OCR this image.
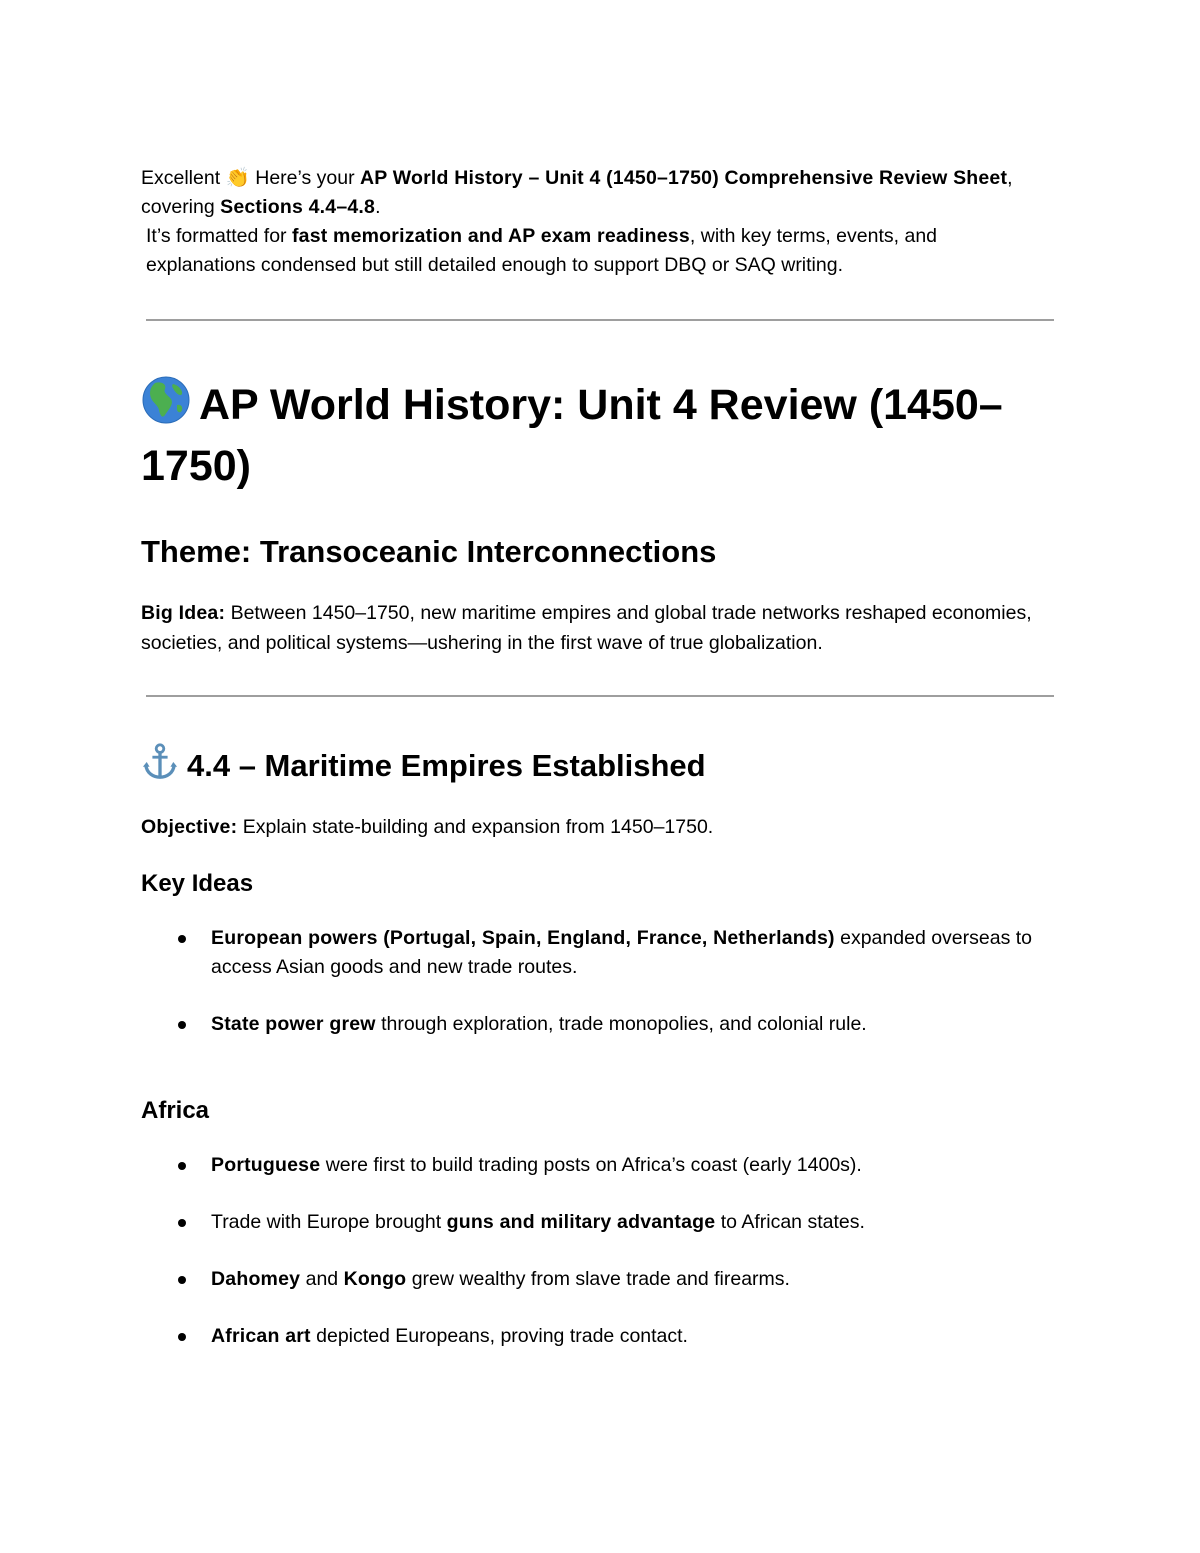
Excellent 👏 Here’s your AP World History – Unit 4 (1450–1750) Comprehensive Review Sheet, covering Sections 4.4–4.8.

It’s formatted for fast memorization and AP exam readiness, with key terms, events, and explanations condensed but still detailed enough to support DBQ or SAQ writing.

AP World History: Unit 4 Review (1450–1750)
Theme: Transoceanic Interconnections

Big Idea: Between 1450–1750, new maritime empires and global trade networks reshaped economies, societies, and political systems—ushering in the first wave of true globalization.

4.4 – Maritime Empires Established

Objective: Explain state-building and expansion from 1450–1750.

Key Ideas
European powers (Portugal, Spain, England, France, Netherlands) expanded overseas to access Asian goods and new trade routes.
State power grew through exploration, trade monopolies, and colonial rule.
Africa
Portuguese were first to build trading posts on Africa’s coast (early 1400s).
Trade with Europe brought guns and military advantage to African states.
Dahomey and Kongo grew wealthy from slave trade and firearms.
African art depicted Europeans, proving trade contact.
